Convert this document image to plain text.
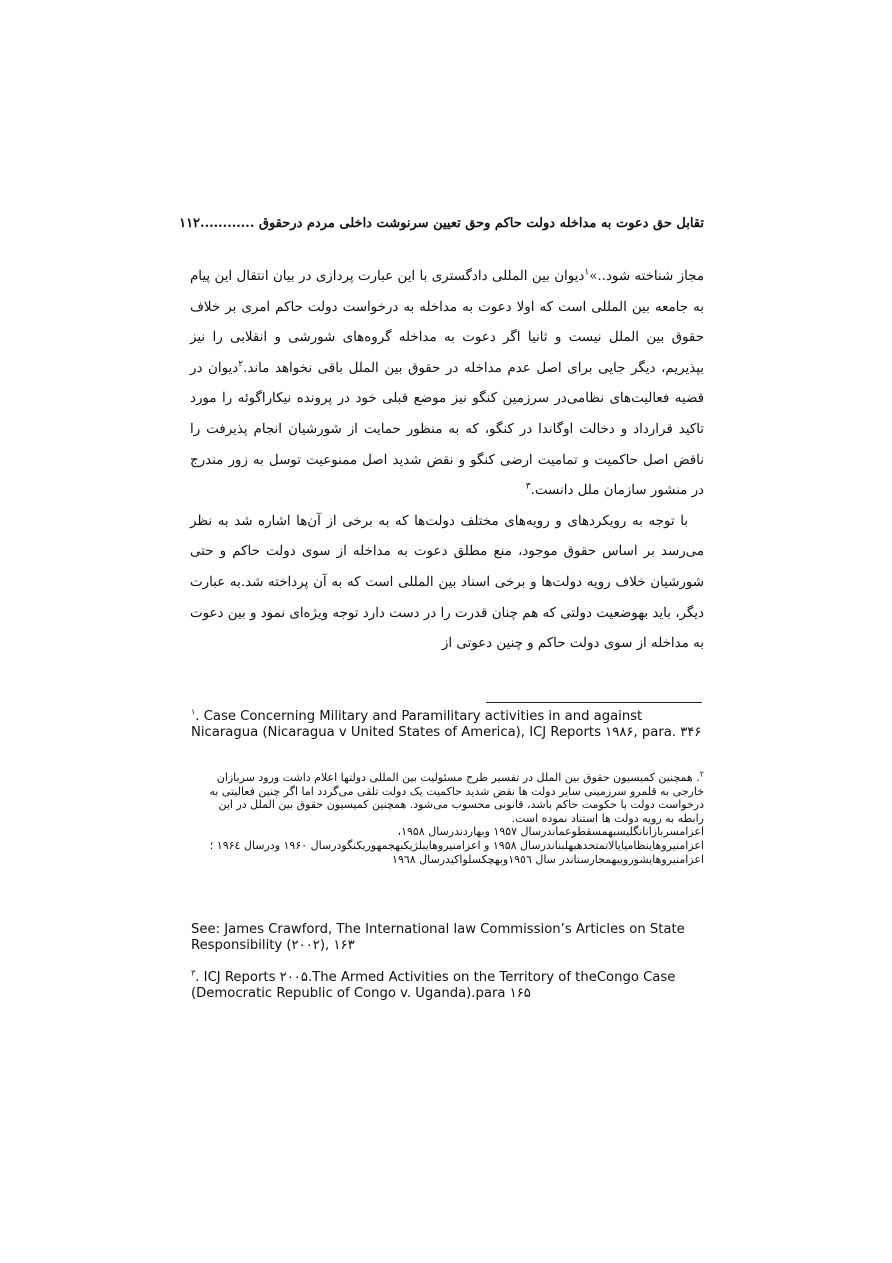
تقابل حق دعوت به مداخله دولت حاکم وحق تعیین سرنوشت داخلی مردم درحقوق ............۱۱۲

مجاز شناخته شود..»$^۱$دیوان بین المللی دادگستری با این عبارت پردازی در بیان انتقال این پیام به جامعه بین المللی است که اولا دعوت به مداخله به درخواست دولت حاکم امری بر خلاف حقوق بین الملل نیست و ثانیا اگر دعوت به مداخله گروه‌های شورشی و انقلابی را نیز بپذیریم، دیگر جایی برای اصل عدم مداخله در حقوق بین الملل باقی نخواهد ماند.$^۲$دیوان در قضیه فعالیت‌های نظامی‌در سرزمین کنگو نیز موضع قبلی خود در پرونده نیکاراگوئه را مورد تاکید قرارداد و دخالت اوگاندا در کنگو، که به منظور حمایت از شورشیان انجام پذیرفت را ناقض اصل حاکمیت و تمامیت ارضی کنگو و نقض شدید اصل ممنوعیت توسل به زور مندرج در منشور سازمان ملل دانست.$^۳$

با توجه به رویکردهای و رویه‌های مختلف دولت‌ها که به برخی از آن‌ها اشاره شد به نظر می‌رسد بر اساس حقوق موجود، منع مطلق دعوت به مداخله از سوی دولت حاکم و حتی شورشیان خلاف رویه دولت‌ها و برخی اسناد بین المللی است که به آن پرداخته شد.به عبارت دیگر، باید بهوضعیت دولتی که هم چنان قدرت را در دست دارد توجه ویژه‌ای نمود و بین دعوت به مداخله از سوی دولت حاکم و چنین دعوتی از

$^۱$. Case Concerning Military and Paramilitary activities in and against Nicaragua (Nicaragua v United States of America), ICJ Reports ۱۹۸۶, para. ۳۴۶

$^۲$. همچنین کمیسیون حقوق بین الملل در تفسیر طرح مسئولیت بین المللی دولتها اعلام داشت ورود سربازان خارجی به قلمرو سرزمینی سایر دولت ها نقض شدید حاکمیت یک دولت تلقی می‌گردد اما اگر چنین فعالیتی به درخواست دولت یا حکومت حاکم باشد، قانونی محسوب می‌شود. همچنین کمیسیون حقوق بین الملل در این رابطه به رویه دولت ها استناد نموده است.

اعزامسربازانانگلیسبهمسقطوعماندرسال ۱۹۵۷ وبهاردندرسال ۱۹۵۸،

اعزامنیروهاینظامیایالاتمتحدهبهلبناندرسال ۱۹۵۸ و اعزامنیروهایبلژیکبهجمهوریکنگودرسال ۱۹۶۰ ودرسال ۱۹۶٤ ؛اعزامنیروهایشورویبهمجارستاندر سال ۱۹٥٦وبهچکسلواکیدرسال ۱۹٦۸

See: James Crawford, The International law Commission’s Articles on State Responsibility (۲۰۰۲), ۱۶۳
$^۳$. ICJ Reports ۲۰۰۵.The Armed Activities on the Territory of theCongo Case (Democratic Republic of Congo v. Uganda).para ۱۶۵
